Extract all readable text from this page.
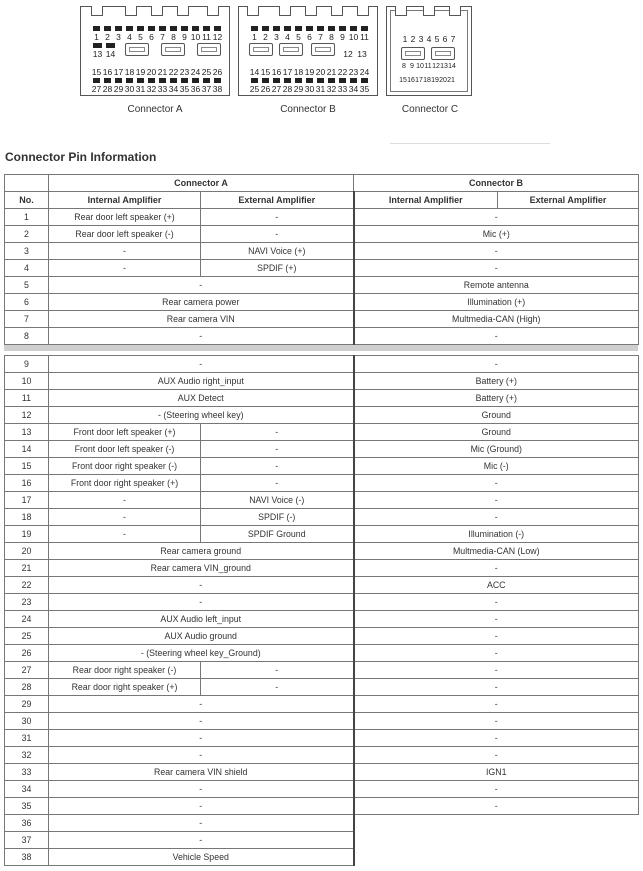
1 2 3 4 5 6 7 8 9 10 11 12
13 14
15 16 17 18 19 20 21 22 23 24 25 26
27 28 29 30 31 32 33 34 35 36 37 38
Connector A
1 2 3 4 5 6 7 8 9 10 11
12 13
14 15 16 17 18 19 20 21 22 23 24
25 26 27 28 29 30 31 32 33 34 35
Connector B
1 2 3 4 5 6 7
8 9 10 11 12 13 14
15 16 17 18 19 20 21
Connector C
Connector Pin Information
	Connector A		Connector B	
No.	Internal Amplifier	External Amplifier	Internal Amplifier	External Amplifier
1	Rear door left speaker (+)	-	-	
2	Rear door left speaker (-)	-	Mic (+)	
3	-	NAVI Voice (+)	-	
4	-	SPDIF (+)	-	
5	-		Remote antenna	
6	Rear camera power		Illumination (+)	
7	Rear camera VIN		Multmedia-CAN (High)	
8	-		-	
9	-		-
10	AUX Audio right_input		Battery (+)
11	AUX Detect		Battery (+)
12	- (Steering wheel key)		Ground
13	Front door left speaker (+)	-	Ground
14	Front door left speaker (-)	-	Mic (Ground)
15	Front door right speaker (-)	-	Mic (-)
16	Front door right speaker (+)	-	-
17	-	NAVI Voice (-)	-
18	-	SPDIF (-)	-
19	-	SPDIF Ground	Illumination (-)
20	Rear camera ground		Multmedia-CAN (Low)
21	Rear camera VIN_ground		-
22	-		ACC
23	-		-
24	AUX Audio left_input		-
25	AUX Audio ground		-
26	- (Steering wheel key_Ground)		-
27	Rear door right speaker (-)	-	-
28	Rear door right speaker (+)	-	-
29	-		-
30	-		-
31	-		-
32	-		-
33	Rear camera VIN shield		IGN1
34	-		-
35	-		-
36	-		
37	-		
38	Vehicle Speed		
